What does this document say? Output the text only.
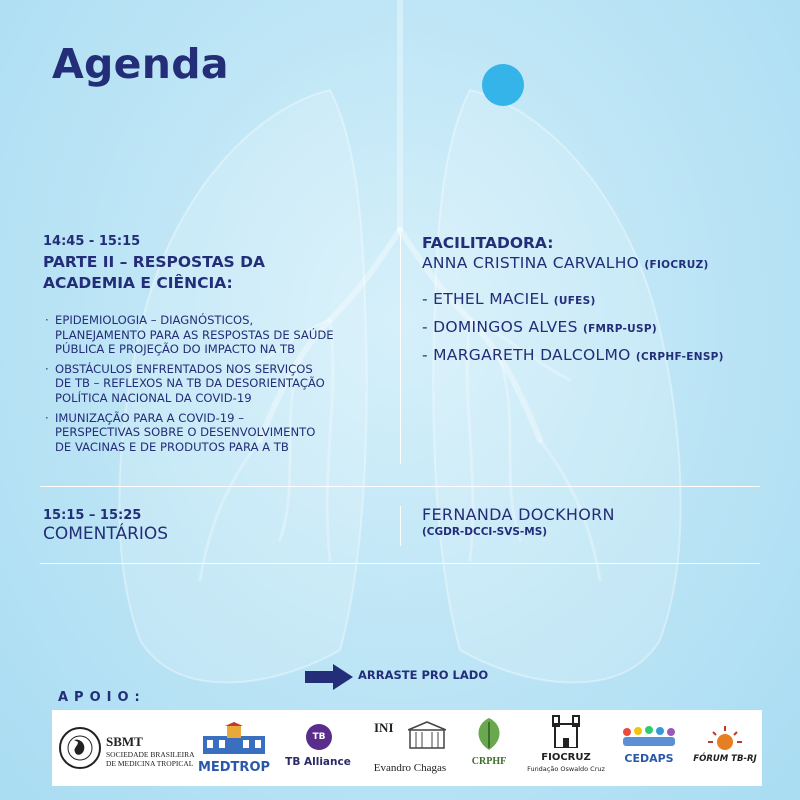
Agenda
14:45 - 15:15
PARTE II – RESPOSTAS DA
ACADEMIA E CIÊNCIA:
· EPIDEMIOLOGIA – DIAGNÓSTICOS,
PLANEJAMENTO PARA AS RESPOSTAS DE SAÚDE
PÚBLICA E PROJEÇÃO DO IMPACTO NA TB
· OBSTÁCULOS ENFRENTADOS NOS SERVIÇOS
DE TB – REFLEXOS NA TB DA DESORIENTAÇÃO
POLÍTICA NACIONAL DA COVID-19
· IMUNIZAÇÃO PARA A COVID-19 –
PERSPECTIVAS SOBRE O DESENVOLVIMENTO
DE VACINAS E DE PRODUTOS PARA A TB
FACILITADORA:
ANNA CRISTINA CARVALHO (FIOCRUZ)
- ETHEL MACIEL (UFES)
- DOMINGOS ALVES (FMRP-USP)
- MARGARETH DALCOLMO (CRPHF-ENSP)
15:15 – 15:25
COMENTÁRIOS
FERNANDA DOCKHORN
(CGDR-DCCI-SVS-MS)
ARRASTE PRO LADO
APOIO:
SBMT
SOCIEDADE BRASILEIRA
DE MEDICINA TROPICAL MEDTROP
TB
TB Alliance
INI
Evandro Chagas
CRPHF	FIOCRUZ
Fundação Oswaldo Cruz
CEDAPS	FÓRUM TB-RJ
